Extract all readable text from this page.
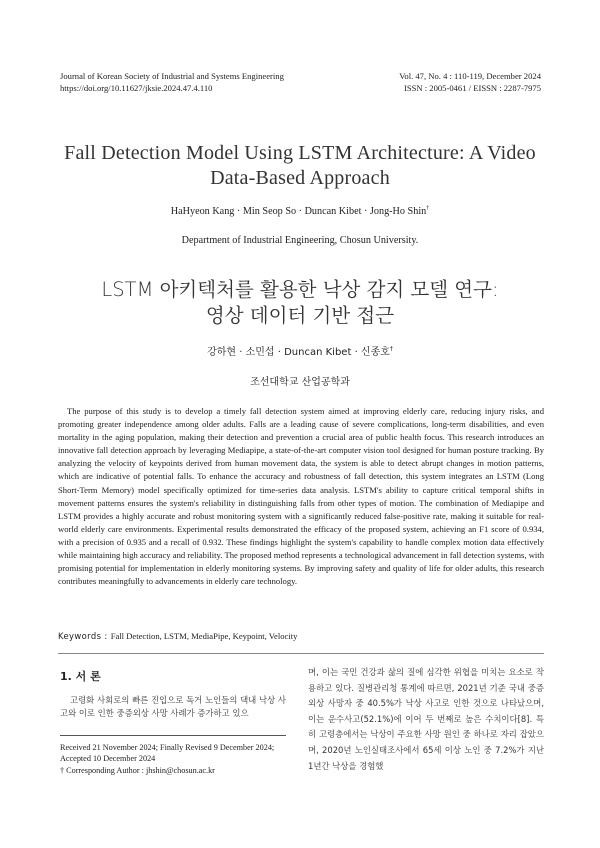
Journal of Korean Society of Industrial and Systems Engineering
https://doi.org/10.11627/jksie.2024.47.4.110
Vol. 47, No. 4 : 110-119, December 2024
ISSN : 2005-0461 / EISSN : 2287-7975
Fall Detection Model Using LSTM Architecture: A Video
Data-Based Approach
HaHyeon Kang · Min Seop So · Duncan Kibet · Jong-Ho Shin†
Department of Industrial Engineering, Chosun University.
LSTM 아키텍처를 활용한 낙상 감지 모델 연구:
영상 데이터 기반 접근
강하현 · 소민섭 · Duncan Kibet · 신종호†
조선대학교 산업공학과
The purpose of this study is to develop a timely fall detection system aimed at improving elderly care, reducing injury risks, and promoting greater independence among older adults. Falls are a leading cause of severe complications, long-term disabilities, and even mortality in the aging population, making their detection and prevention a crucial area of public health focus. This research introduces an innovative fall detection approach by leveraging Mediapipe, a state-of-the-art computer vision tool designed for human posture tracking. By analyzing the velocity of keypoints derived from human movement data, the system is able to detect abrupt changes in motion patterns, which are indicative of potential falls. To enhance the accuracy and robustness of fall detection, this system integrates an LSTM (Long Short-Term Memory) model specifically optimized for time-series data analysis. LSTM's ability to capture critical temporal shifts in movement patterns ensures the system's reliability in distinguishing falls from other types of motion. The combination of Mediapipe and LSTM provides a highly accurate and robust monitoring system with a significantly reduced false-positive rate, making it suitable for real-world elderly care environments. Experimental results demonstrated the efficacy of the proposed system, achieving an F1 score of 0.934, with a precision of 0.935 and a recall of 0.932. These findings highlight the system's capability to handle complex motion data effectively while maintaining high accuracy and reliability. The proposed method represents a technological advancement in fall detection systems, with promising potential for implementation in elderly monitoring systems. By improving safety and quality of life for older adults, this research contributes meaningfully to advancements in elderly care technology.
Keywords : Fall Detection, LSTM, MediaPipe, Keypoint, Velocity
1. 서 론
고령화 사회로의 빠른 진입으로 독거 노인들의 댁내 낙상 사고와 이로 인한 중증외상 사망 사례가 증가하고 있으
Received 21 November 2024; Finally Revised 9 December 2024; Accepted 10 December 2024
† Corresponding Author : jhshin@chosun.ac.kr
며, 이는 국민 건강과 삶의 질에 심각한 위협을 미치는 요소로 작용하고 있다. 질병관리청 통계에 따르면, 2021년 기준 국내 중증외상 사망자 중 40.5%가 낙상 사고로 인한 것으로 나타났으며, 이는 운수사고(52.1%)에 이어 두 번째로 높은 수치이다[8]. 특히 고령층에서는 낙상이 주요한 사망 원인 중 하나로 자리 잡았으며, 2020년 노인실태조사에서 65세 이상 노인 중 7.2%가 지난 1년간 낙상을 경험했
